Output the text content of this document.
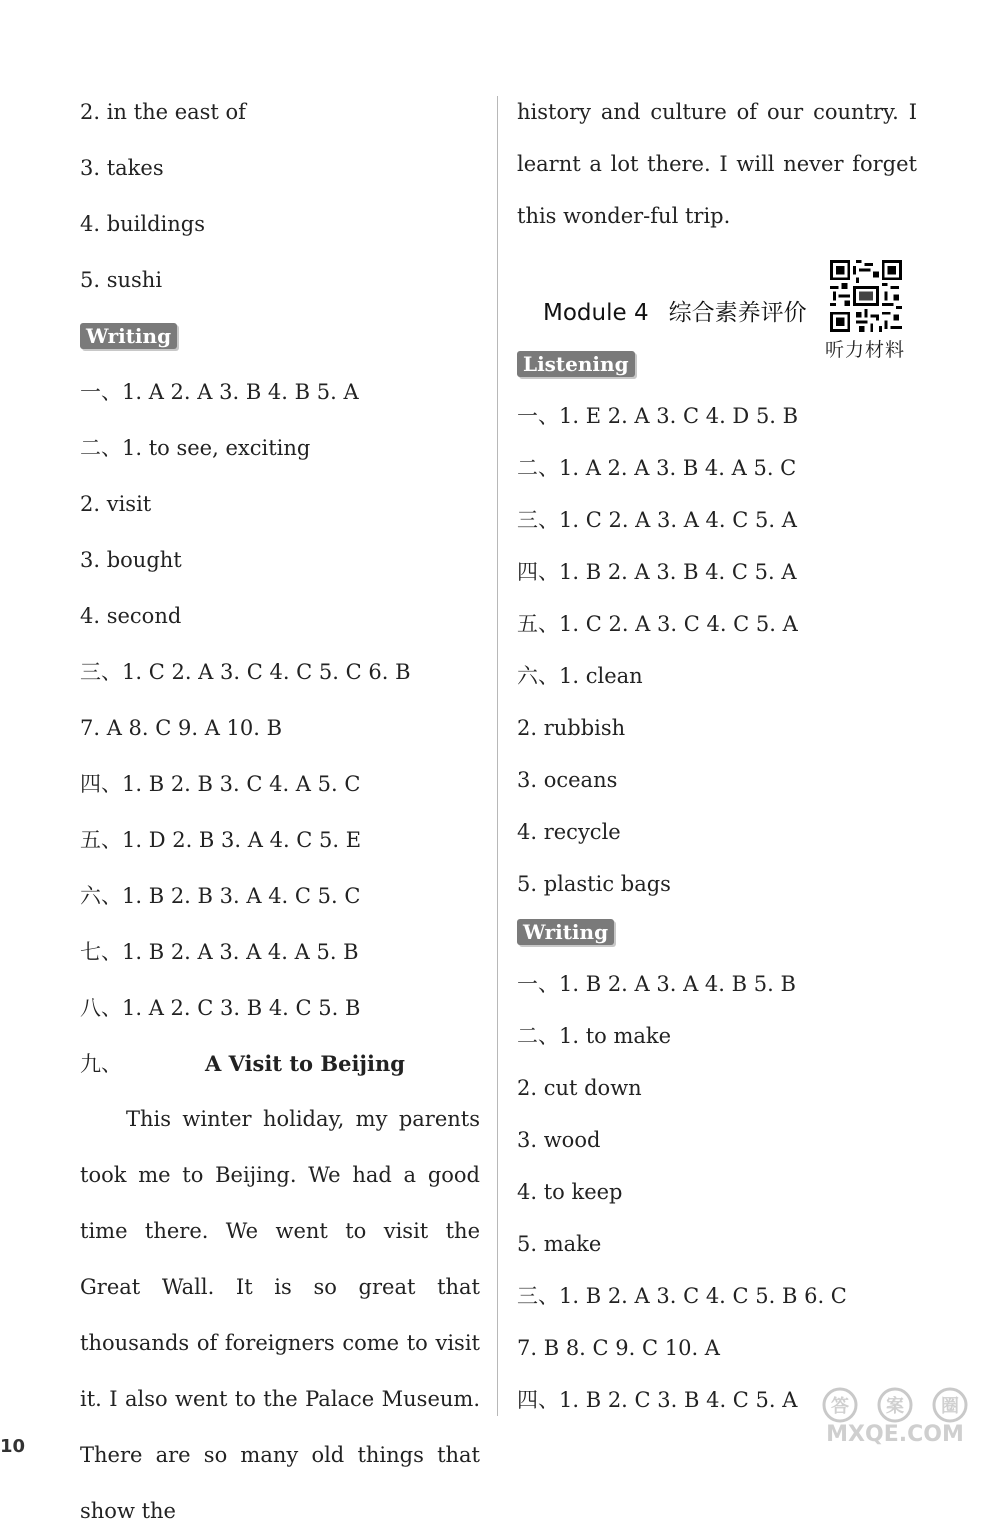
2. in the east of
3. takes
4. buildings
5. sushi
Writing
一、1. A 2. A 3. B 4. B 5. A
二、1. to see, exciting
2. visit
3. bought
4. second
三、1. C 2. A 3. C 4. C 5. C 6. B
7. A 8. C 9. A 10. B
四、1. B 2. B 3. C 4. A 5. C
五、1. D 2. B 3. A 4. C 5. E
六、1. B 2. B 3. A 4. C 5. C
七、1. B 2. A 3. A 4. A 5. B
八、1. A 2. C 3. B 4. C 5. B
九、	A Visit to Beijing
This winter holiday, my parents took me to Beijing. We had a good time there. We went to visit the Great Wall. It is so great that thousands of foreigners come to visit it. I also went to the Palace Museum. There are so many old things that show the
history and culture of our country. I learnt a lot there. I will never forget this wonder-ful trip.
Module 4 综合素养评价
听力材料
Listening
一、1. E 2. A 3. C 4. D 5. B
二、1. A 2. A 3. B 4. A 5. C
三、1. C 2. A 3. A 4. C 5. A
四、1. B 2. A 3. B 4. C 5. A
五、1. C 2. A 3. C 4. C 5. A
六、1. clean
2. rubbish
3. oceans
4. recycle
5. plastic bags
Writing
一、1. B 2. A 3. A 4. B 5. B
二、1. to make
2. cut down
3. wood
4. to keep
5. make
三、1. B 2. A 3. C 4. C 5. B 6. C
7. B 8. C 9. C 10. A
四、1. B 2. C 3. B 4. C 5. A
10
答 案 圈
MXQE.COM
